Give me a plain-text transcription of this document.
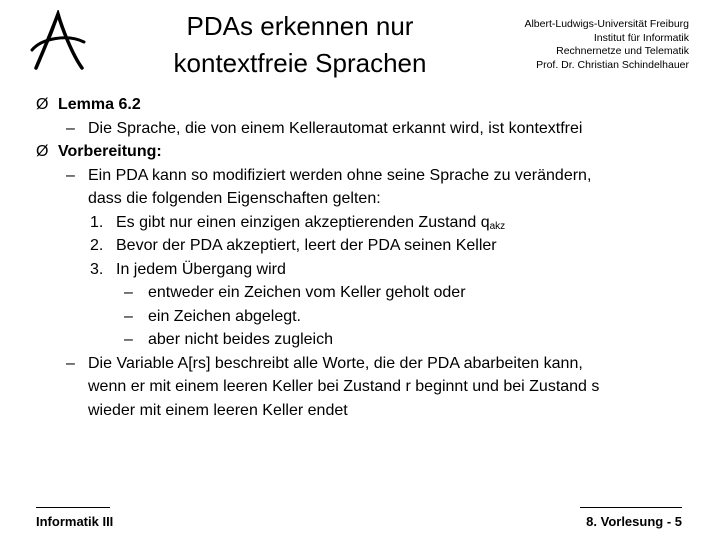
PDAs erkennen nur
kontextfreie Sprachen
Albert-Ludwigs-Universität Freiburg
Institut für Informatik
Rechnernetze und Telematik
Prof. Dr. Christian Schindelhauer
Ø Lemma 6.2
– Die Sprache, die von einem Kellerautomat erkannt wird, ist kontextfrei
Ø Vorbereitung:
– Ein PDA kann so modifiziert werden ohne seine Sprache zu verändern,
dass die folgenden Eigenschaften gelten:
1. Es gibt nur einen einzigen akzeptierenden Zustand $q_{akz}$
2. Bevor der PDA akzeptiert, leert der PDA seinen Keller
3. In jedem Übergang wird
– entweder ein Zeichen vom Keller geholt oder
– ein Zeichen abgelegt.
– aber nicht beides zugleich
– Die Variable A[rs] beschreibt alle Worte, die der PDA abarbeiten kann,
wenn er mit einem leeren Keller bei Zustand r beginnt und bei Zustand s
wieder mit einem leeren Keller endet
Informatik III	8. Vorlesung - 5
